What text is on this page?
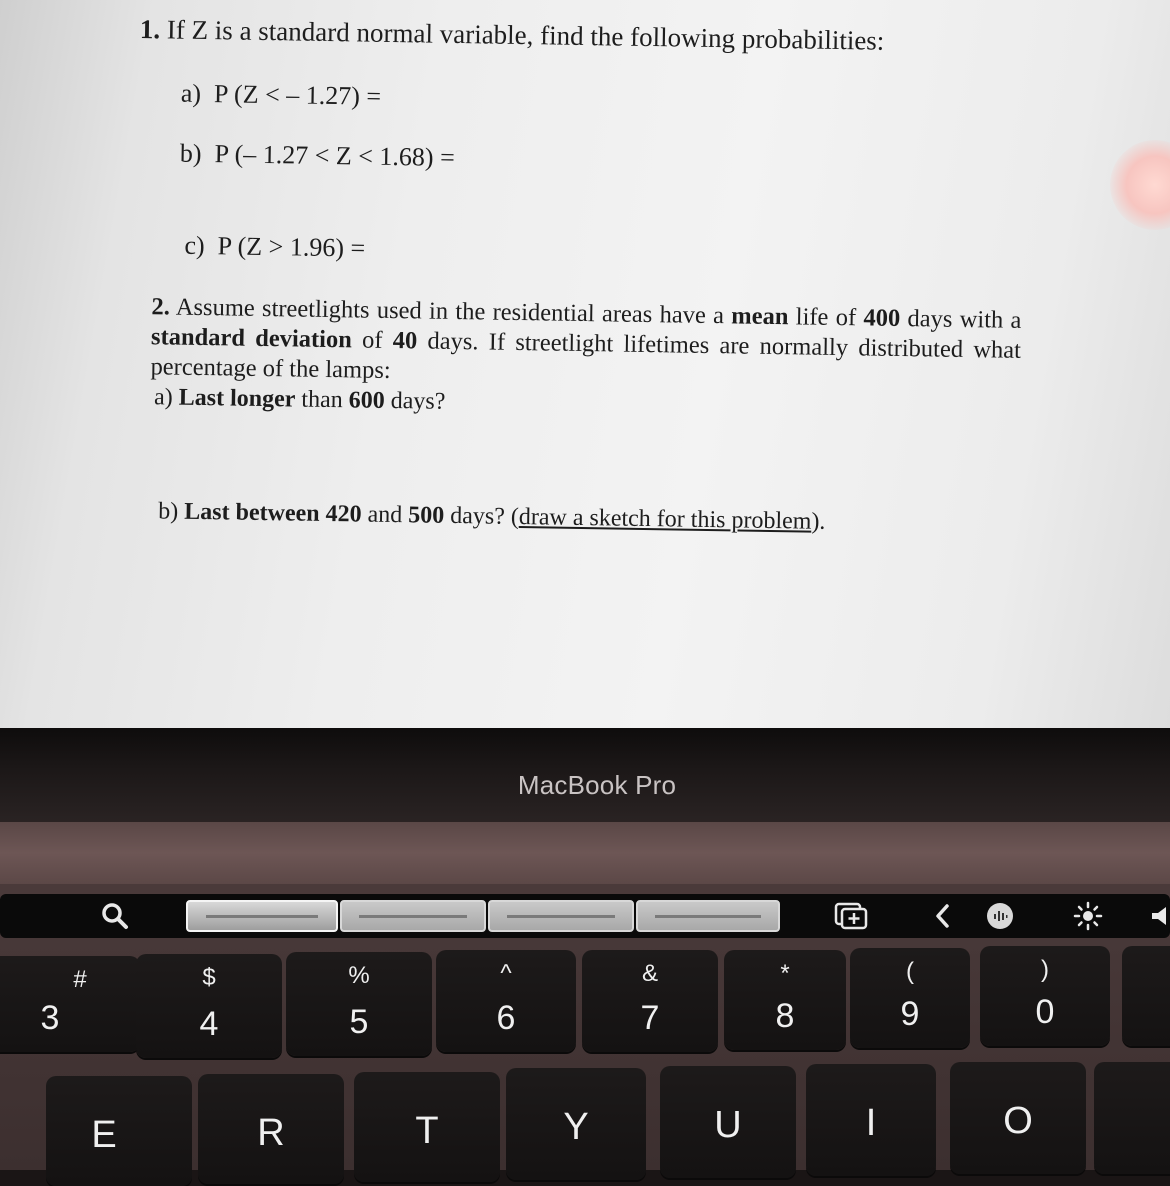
1. If Z is a standard normal variable, find the following probabilities:
a) P (Z < – 1.27) =
b) P (– 1.27 < Z < 1.68) =
c) P (Z > 1.96) =
2. Assume streetlights used in the residential areas have a mean life of 400 days with a standard deviation of 40 days. If streetlight lifetimes are normally distributed what percentage of the lamps:
a) Last longer than 600 days?
b) Last between 420 and 500 days? (draw a sketch for this problem).
MacBook Pro
#
3
$
4
%
5
^
6
&
7
*
8
(
9
)
0
E	R	T	Y	U	I	O
